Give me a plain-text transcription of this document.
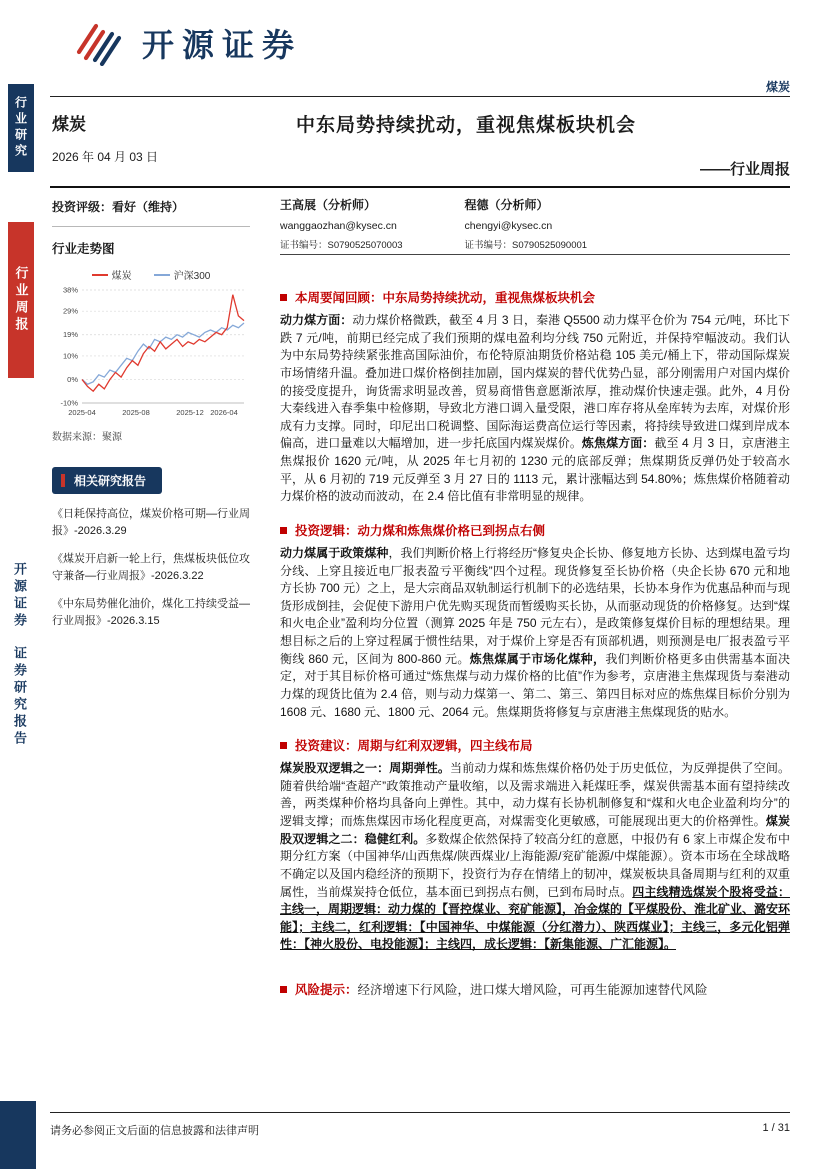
行业研究
行业周报
开源证券
证券研究报告
开源证券
煤炭
煤炭
2026 年 04 月 03 日
中东局势持续扰动，重视焦煤板块机会
——行业周报
投资评级：看好（维持）
行业走势图
煤炭	沪深300
38%
29%
19%
10%
0%
-10%
2025-04	2025-08	2025-12 2026-04
数据来源：聚源
相关研究报告
《日耗保持高位，煤炭价格可期—行业周报》-2026.3.29
《煤炭开启新一轮上行，焦煤板块低位攻守兼备—行业周报》-2026.3.22
《中东局势催化油价，煤化工持续受益—行业周报》-2026.3.15
王高展（分析师）
wanggaozhan@kysec.cn
证书编号：S0790525070003
程德（分析师）
chengyi@kysec.cn
证书编号：S0790525090001
本周要闻回顾：中东局势持续扰动，重视焦煤板块机会

动力煤方面：动力煤价格微跌，截至 4 月 3 日，秦港 Q5500 动力煤平仓价为 754 元/吨，环比下跌 7 元/吨，前期已经完成了我们预期的煤电盈利均分线 750 元附近，并保持窄幅波动。我们认为中东局势持续紧张推高国际油价，布伦特原油期货价格站稳 105 美元/桶上下，带动国际煤炭市场情绪升温。叠加进口煤价格倒挂加剧，国内煤炭的替代优势凸显，部分刚需用户对国内煤价的接受度提升，询货需求明显改善，贸易商惜售意愿渐浓厚，推动煤价快速走强。此外，4 月份大秦线进入春季集中检修期，导致北方港口调入量受限，港口库存将从垒库转为去库，对煤价形成有力支撑。同时，印尼出口税调整、国际海运费高位运行等因素，将持续导致进口煤到岸成本偏高，进口量难以大幅增加，进一步托底国内煤炭煤价。炼焦煤方面：截至 4 月 3 日，京唐港主焦煤报价 1620 元/吨，从 2025 年七月初的 1230 元的底部反弹；焦煤期货反弹仍处于较高水平，从 6 月初的 719 元反弹至 3 月 27 日的 1113 元，累计涨幅达到 54.80%；炼焦煤价格随着动力煤价格的波动而波动，在 2.4 倍比值有非常明显的规律。

投资逻辑：动力煤和炼焦煤价格已到拐点右侧

动力煤属于政策煤种，我们判断价格上行将经历“修复央企长协、修复地方长协、达到煤电盈亏均分线、上穿且接近电厂报表盈亏平衡线”四个过程。现货修复至长协价格（央企长协 670 元和地方长协 700 元）之上，是大宗商品双轨制运行机制下的必选结果，长协本身作为优惠品种而与现货形成倒挂，会促使下游用户优先购买现货而暂缓购买长协，从而驱动现货的价格修复。达到“煤和火电企业”盈利均分位置（测算 2025 年是 750 元左右），是政策修复煤价目标的理想结果。理想目标之后的上穿过程属于惯性结果，对于煤价上穿是否有顶部机遇，则预测是电厂报表盈亏平衡线 860 元，区间为 800-860 元。炼焦煤属于市场化煤种，我们判断价格更多由供需基本面决定，对于其目标价格可通过“炼焦煤与动力煤价格的比值”作为参考，京唐港主焦煤现货与秦港动力煤的现货比值为 2.4 倍，则与动力煤第一、第二、第三、第四目标对应的炼焦煤目标价分别为 1608 元、1680 元、1800 元、2064 元。焦煤期货将修复与京唐港主焦煤现货的贴水。

投资建议：周期与红利双逻辑，四主线布局

煤炭股双逻辑之一：周期弹性。当前动力煤和炼焦煤价格仍处于历史低位，为反弹提供了空间。随着供给端“查超产”政策推动产量收缩，以及需求端进入耗煤旺季，煤炭供需基本面有望持续改善，两类煤种价格均具备向上弹性。其中，动力煤有长协机制修复和“煤和火电企业盈利均分”的逻辑支撑；而炼焦煤因市场化程度更高，对煤需变化更敏感，可能展现出更大的价格弹性。煤炭股双逻辑之二：稳健红利。多数煤企依然保持了较高分红的意愿，中报仍有 6 家上市煤企发布中期分红方案（中国神华/山西焦煤/陕西煤业/上海能源/兖矿能源/中煤能源）。资本市场在全球战略不确定以及国内稳经济的预期下，投资行为存在情绪上的韧冲，煤炭板块具备周期与红利的双重属性，当前煤炭持仓低位，基本面已到拐点右侧，已到布局时点。四主线精选煤炭个股将受益：主线一，周期逻辑：动力煤的【晋控煤业、兖矿能源】，冶金煤的【平煤股份、淮北矿业、潞安环能】；主线二，红利逻辑：【中国神华、中煤能源（分红潜力）、陕西煤业】；主线三，多元化铝弹性：【神火股份、电投能源】；主线四，成长逻辑：【新集能源、广汇能源】。

风险提示：经济增速下行风险，进口煤大增风险，可再生能源加速替代风险
请务必参阅正文后面的信息披露和法律声明	1 / 31
